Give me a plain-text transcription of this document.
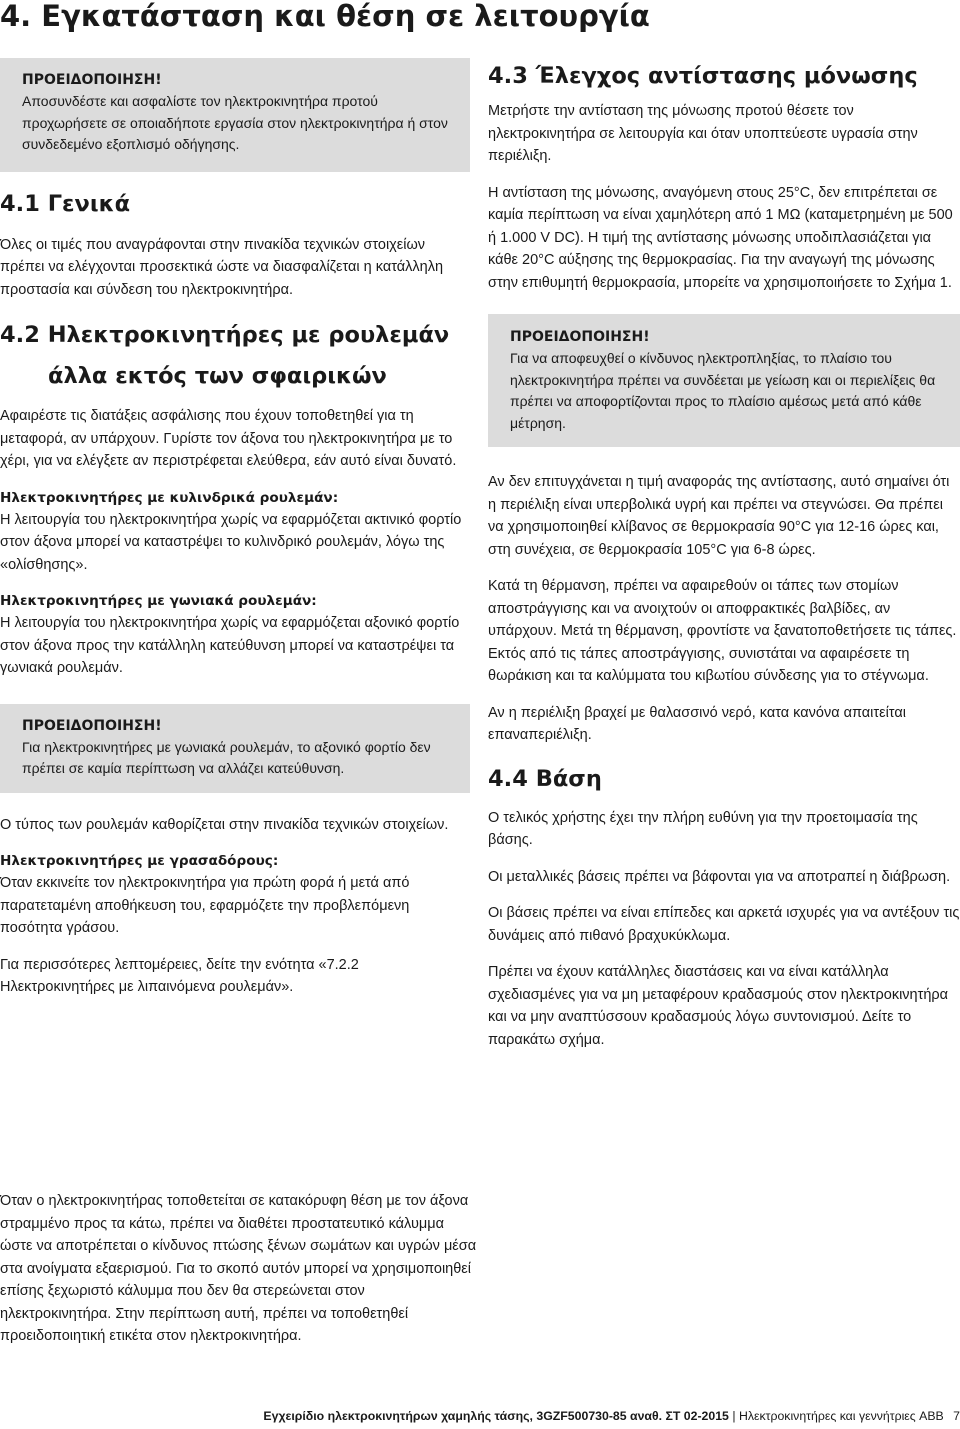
4. Εγκατάσταση και θέση σε λειτουργία
ΠΡΟΕΙΔΟΠΟΙΗΣΗ!

Αποσυνδέστε και ασφαλίστε τον ηλεκτροκινητήρα προτού προχωρήσετε σε οποιαδήποτε εργασία στον ηλεκτροκινητήρα ή στον συνδεδεμένο εξοπλισμό οδήγησης.

4.1 Γενικά

Όλες οι τιμές που αναγράφονται στην πινακίδα τεχνικών στοιχείων πρέπει να ελέγχονται προσεκτικά ώστε να διασφαλίζεται η κατάλληλη προστασία και σύνδεση του ηλεκτροκινητήρα.

4.2 Ηλεκτροκινητήρες με ρουλεμάν
άλλα εκτός των σφαιρικών

Αφαιρέστε τις διατάξεις ασφάλισης που έχουν τοποθετηθεί για τη μεταφορά, αν υπάρχουν. Γυρίστε τον άξονα του ηλεκτροκινητήρα με το χέρι, για να ελέγξετε αν περιστρέφεται ελεύθερα, εάν αυτό είναι δυνατό.

Ηλεκτροκινητήρες με κυλινδρικά ρουλεμάν:

Η λειτουργία του ηλεκτροκινητήρα χωρίς να εφαρμόζεται ακτινικό φορτίο στον άξονα μπορεί να καταστρέψει το κυλινδρικό ρουλεμάν, λόγω της «ολίσθησης».

Ηλεκτροκινητήρες με γωνιακά ρουλεμάν:

Η λειτουργία του ηλεκτροκινητήρα χωρίς να εφαρμόζεται αξονικό φορτίο στον άξονα προς την κατάλληλη κατεύθυνση μπορεί να καταστρέψει τα γωνιακά ρουλεμάν.

ΠΡΟΕΙΔΟΠΟΙΗΣΗ!

Για ηλεκτροκινητήρες με γωνιακά ρουλεμάν, το αξονικό φορτίο δεν πρέπει σε καμία περίπτωση να αλλάζει κατεύθυνση.

Ο τύπος των ρουλεμάν καθορίζεται στην πινακίδα τεχνικών στοιχείων.

Ηλεκτροκινητήρες με γρασαδόρους:

Όταν εκκινείτε τον ηλεκτροκινητήρα για πρώτη φορά ή μετά από παρατεταμένη αποθήκευση του, εφαρμόζετε την προβλεπόμενη ποσότητα γράσου.

Για περισσότερες λεπτομέρειες, δείτε την ενότητα «7.2.2 Ηλεκτροκινητήρες με λιπαινόμενα ρουλεμάν».

Όταν ο ηλεκτροκινητήρας τοποθετείται σε κατακόρυφη θέση με τον άξονα στραμμένο προς τα κάτω, πρέπει να διαθέτει προστατευτικό κάλυμμα ώστε να αποτρέπεται ο κίνδυνος πτώσης ξένων σωμάτων και υγρών μέσα στα ανοίγματα εξαερισμού. Για το σκοπό αυτόν μπορεί να χρησιμοποιηθεί επίσης ξεχωριστό κάλυμμα που δεν θα στερεώνεται στον ηλεκτροκινητήρα. Στην περίπτωση αυτή, πρέπει να τοποθετηθεί προειδοποιητική ετικέτα στον ηλεκτροκινητήρα.

4.3 Έλεγχος αντίστασης μόνωσης

Μετρήστε την αντίσταση της μόνωσης προτού θέσετε τον ηλεκτροκινητήρα σε λειτουργία και όταν υποπτεύεστε υγρασία στην περιέλιξη.

Η αντίσταση της μόνωσης, αναγόμενη στους 25°C, δεν επιτρέπεται σε καμία περίπτωση να είναι χαμηλότερη από 1 MΩ (καταμετρημένη με 500 ή 1.000 V DC). Η τιμή της αντίστασης μόνωσης υποδιπλασιάζεται για κάθε 20°C αύξησης της θερμοκρασίας. Για την αναγωγή της μόνωσης στην επιθυμητή θερμοκρασία, μπορείτε να χρησιμοποιήσετε το Σχήμα 1.

ΠΡΟΕΙΔΟΠΟΙΗΣΗ!

Για να αποφευχθεί ο κίνδυνος ηλεκτροπληξίας, το πλαίσιο του ηλεκτροκινητήρα πρέπει να συνδέεται με γείωση και οι περιελίξεις θα πρέπει να αποφορτίζονται προς το πλαίσιο αμέσως μετά από κάθε μέτρηση.

Αν δεν επιτυγχάνεται η τιμή αναφοράς της αντίστασης, αυτό σημαίνει ότι η περιέλιξη είναι υπερβολικά υγρή και πρέπει να στεγνώσει. Θα πρέπει να χρησιμοποιηθεί κλίβανος σε θερμοκρασία 90°C για 12-16 ώρες και, στη συνέχεια, σε θερμοκρασία 105°C για 6-8 ώρες.

Κατά τη θέρμανση, πρέπει να αφαιρεθούν οι τάπες των στομίων αποστράγγισης και να ανοιχτούν οι αποφρακτικές βαλβίδες, αν υπάρχουν. Μετά τη θέρμανση, φροντίστε να ξανατοποθετήσετε τις τάπες. Εκτός από τις τάπες αποστράγγισης, συνιστάται να αφαιρέσετε τη θωράκιση και τα καλύμματα του κιβωτίου σύνδεσης για το στέγνωμα.

Αν η περιέλιξη βραχεί με θαλασσινό νερό, κατα κανόνα απαιτείται επαναπεριέλιξη.

4.4 Βάση

Ο τελικός χρήστης έχει την πλήρη ευθύνη για την προετοιμασία της βάσης.

Οι μεταλλικές βάσεις πρέπει να βάφονται για να αποτραπεί η διάβρωση.

Οι βάσεις πρέπει να είναι επίπεδες και αρκετά ισχυρές για να αντέξουν τις δυνάμεις από πιθανό βραχυκύκλωμα.

Πρέπει να έχουν κατάλληλες διαστάσεις και να είναι κατάλληλα σχεδιασμένες για να μη μεταφέρουν κραδασμούς στον ηλεκτροκινητήρα και να μην αναπτύσσουν κραδασμούς λόγω συντονισμού. Δείτε το παρακάτω σχήμα.

Εγχειρίδιο ηλεκτροκινητήρων χαμηλής τάσης, 3GZF500730-85 αναθ. ΣΤ 02-2015 | Ηλεκτροκινητήρες και γεννήτριες ABB 7
